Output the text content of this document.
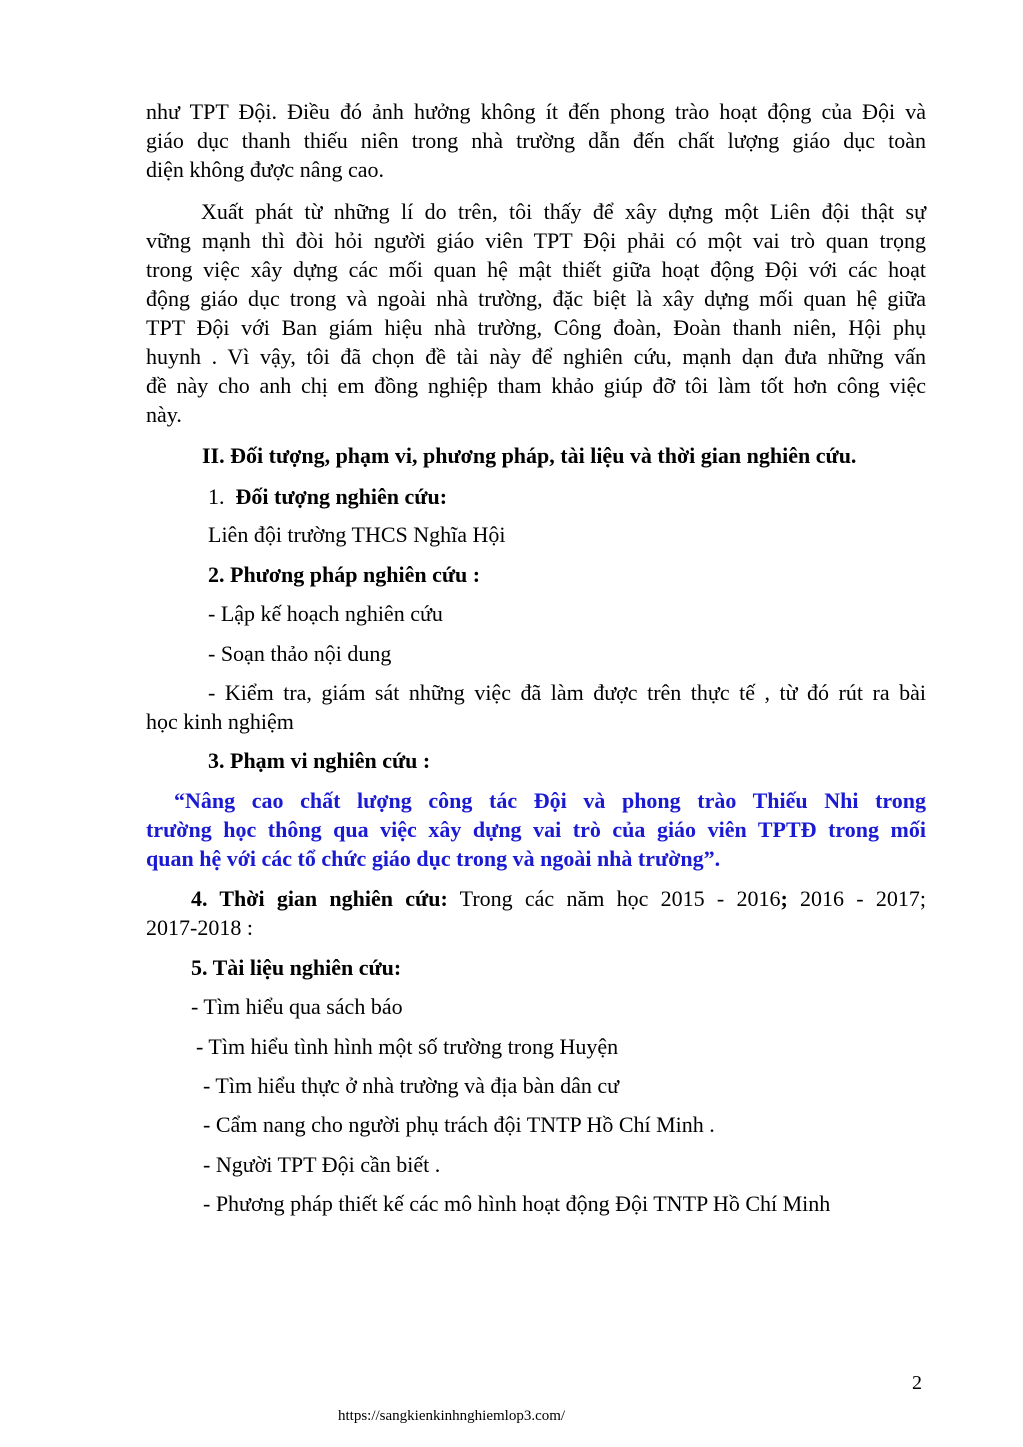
như TPT Đội. Điều đó ảnh hưởng không ít đến phong trào hoạt động của Đội và
giáo dục thanh thiếu niên trong nhà trường dẫn đến chất lượng giáo dục toàn
diện không được nâng cao.

Xuất phát từ những lí do trên, tôi thấy để xây dựng một Liên đội thật sự
vững mạnh thì đòi hỏi người giáo viên TPT Đội phải có một vai trò quan trọng
trong việc xây dựng các mối quan hệ mật thiết giữa hoạt động Đội với các hoạt
động giáo dục trong và ngoài nhà trường, đặc biệt là xây dựng mối quan hệ giữa
TPT Đội với Ban giám hiệu nhà trường, Công đoàn, Đoàn thanh niên, Hội phụ
huynh . Vì vậy, tôi đã chọn đề tài này để nghiên cứu, mạnh dạn đưa những vấn
đề này cho anh chị em đồng nghiệp tham khảo giúp đỡ tôi làm tốt hơn công việc
này.

II. Đối tượng, phạm vi, phương pháp, tài liệu và thời gian nghiên cứu.
1. Đối tượng nghiên cứu:
Liên đội trường THCS Nghĩa Hội
2. Phương pháp nghiên cứu :
- Lập kế hoạch nghiên cứu
- Soạn thảo nội dung

- Kiểm tra, giám sát những việc đã làm được trên thực tế , từ đó rút ra bài
học kinh nghiệm

3. Phạm vi nghiên cứu :

“Nâng cao chất lượng công tác Đội và phong trào Thiếu Nhi trong
trường học thông qua việc xây dựng vai trò của giáo viên TPTĐ trong mối
quan hệ với các tổ chức giáo dục trong và ngoài nhà trường”.

4. Thời gian nghiên cứu: Trong các năm học 2015 - 2016; 2016 - 2017;
2017-2018 :

5. Tài liệu nghiên cứu:
- Tìm hiểu qua sách báo
- Tìm hiểu tình hình một số trường trong Huyện
- Tìm hiểu thực ở nhà trường và địa bàn dân cư
- Cẩm nang cho người phụ trách đội TNTP Hồ Chí Minh .
- Người TPT Đội cần biết .
- Phương pháp thiết kế các mô hình hoạt động Đội TNTP Hồ Chí Minh
2
https://sangkienkinhnghiemlop3.com/
